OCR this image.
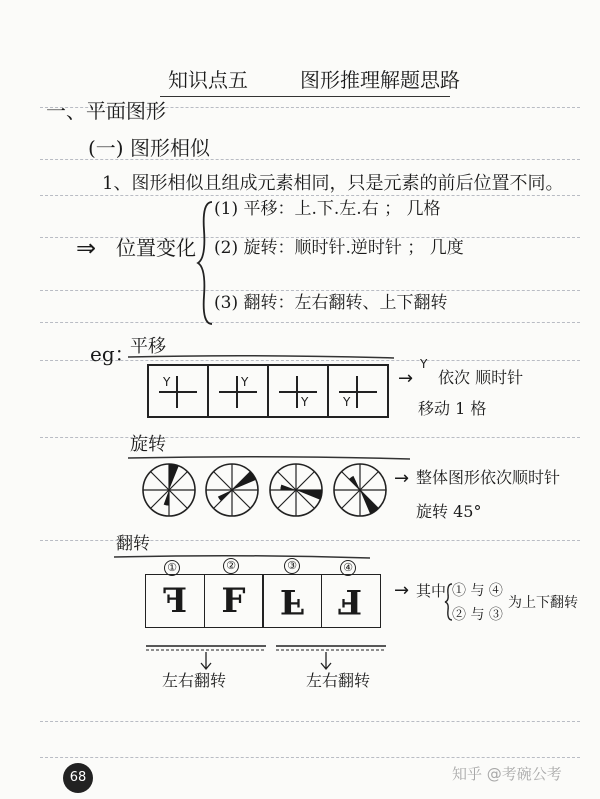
知识点五	图形推理解题思路
一、平面图形
(一) 图形相似
1、图形相似且组成元素相同，只是元素的前后位置不同。
⇒ 位置变化
(1) 平移：上.下.左.右 ； 几格
(2) 旋转：顺时针.逆时针 ； 几度
(3) 翻转：左右翻转、上下翻转
eg：
平移
Y	Y
Y	Y
→
Y
依次 顺时针
移动 1 格
旋转
→ 整体图形依次顺时针
旋转 45°
翻转
①	②	③	④
F F F F → 其中 ① 与 ④
② 与 ③
为上下翻转
左右翻转	左右翻转
68	知乎 @考碗公考
